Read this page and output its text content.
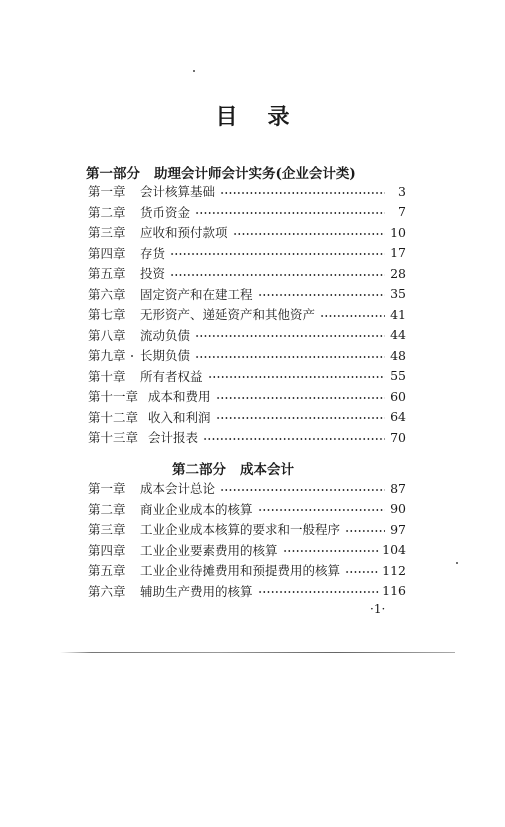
目 录
第一部分 助理会计师会计实务(企业会计类)
第一章	会计核算基础	3
第二章	货币资金	7
第三章	应收和预付款项	10
第四章	存货	17
第五章	投资	28
第六章	固定资产和在建工程	35
第七章	无形资产、递延资产和其他资产	41
第八章	流动负债	44
第九章	长期负债	48
第十章	所有者权益	55
第十一章 成本和费用	60
第十二章 收入和利润	64
第十三章 会计报表	70
第二部分 成本会计
第一章	成本会计总论	87
第二章	商业企业成本的核算	90
第三章	工业企业成本核算的要求和一般程序	97
第四章	工业企业要素费用的核算	104
第五章	工业企业待摊费用和预提费用的核算	112
第六章	辅助生产费用的核算	116
·1·
